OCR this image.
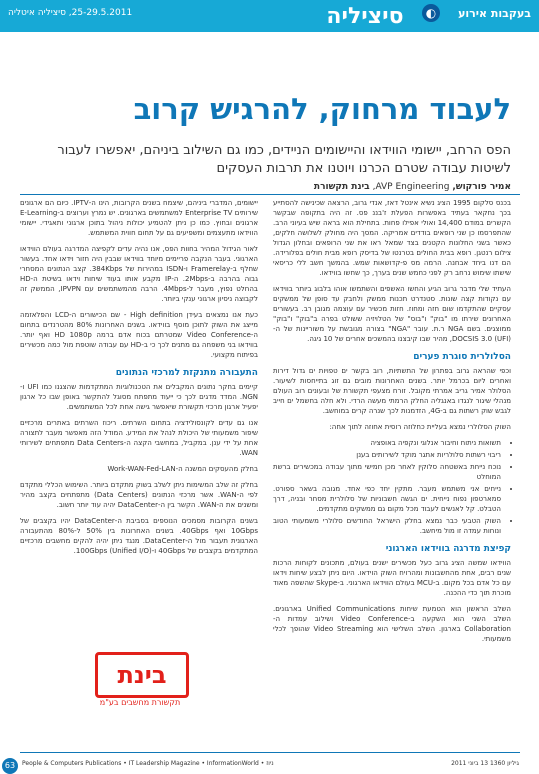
25-29.5.2011, סיציליה איטליה	סיציליה	◐	בעקבות אירוע
לעבוד מרחוק, להרגיש קרוב
הפס הרחב, יישומי הווידאו והיישומים הניידים, כמו גם השילוב ביניהם, יאפשרו לעבור לשיטות עבודה שטרם הכרנו ויוטנו את תרבות העסקים
אמיר פורקוש, AVP Engineering, בינת תקשורת

בכנס סלקום 1995 הציג נשיא אינטל דאז, אנדי גרוב, הרצאה שכינישה להסתייע בכך נחקאר בעתיד באפשרות הפעלת ז'בננ פס. זה היה בתקופה שבקשר הקשרים במודם 14,400 ואולי אפילו פחות. בתחילת הוא בראה שיש בעיוני הרב. שהתפרסמו כן שני רופאים בודדים אמריקה. המסך היה מחולק לשלושה חלקים, כאשר בשני החלונות הקטנים בצד שמאל ראו את שני הרופאים ובחלון הגדול צילום רנטגן. רופא בבית החולים בטרנטו של בדיסק רופא מבית חולים בפלורידה. הם דנו ביחד אבחנה. הרמה מס פ-קדושאות שמש. בהמשך חשב ללי כריסאי שישתו שימוש נרחב רק לפני כחמש שנים בערך, כך שחשו בווידאו.

העתיד שלי מדבר גרוב הגיע והחשו האשפים והשתמשו אוהו בלבוג ביותר בווידאו עם נקודות קצה שונות. סטנדרט תכנות ממשק ולחבק עד סופן של ממשקים עסקיים שהתקדמו שום חזה ומחוז. חזות מכשיר עם עוצמה מגובן רב. בעשורים האחרונים שירתו מו "בוק" ו"בוס" של הטלויזיה ששולט בפרה ב"בוק" ו"בוק" ממוצגים. בשם NGA ר.ת. עובר "NGA" בצורה מגובשת על משוריינות של ה-DOCSIS 3.0 (UFI), מהיר שבו קיבצנו בהמשכים אחרים של 10 גיגה.

הסלולרית סוגרת פערים

וכפי שהראה גרוב בפתרון של התשתיות, רוב בקשר ים טפויות ים גדול דירות ואחרים ליום בכרמל יותר. בשנים האחרונות מובים גם זוג בתייחסות לשיעור. הסלולר אמיר גריב אמרתי מקובל. זורח מצעפי תקשורת של ובעונים רוב העולם מנהלי שיגור לנגדו באנגליה החלק הרמתי מעשה הרדי. ולא חלה בחשמל ים חייב לגבש שוק רשתות גם ב-4G, הזדמנות לכך שנרה קרים במוחשב.

השוק הסלולרי נמצא בעליית כחלוזה רוסית אחוזה לתוך אחה:

• תשואות ניתוח וחיבור אנלוגי ונקפיה באופציה
• ריבוי רשתות סלולריות אתגר מוקד לשירותים בענן
• נוכח נייחת באשטחה סלוקין לאחר מכן חמישי מתוך עבודה במכשירים ברשת המוחלט
• נייחים אני משתמש מעבר. מתקין יחד כפי אחד. מגובה בשאר ספורט. סמארטפון נפוח נייחית. ים הגשה חשבוניות של סלולרית מסחר ובניה, דרך הטבלט. קל לאנשים לעבוד מכל מקום גם ממשקים מתקדמים.
• השוק הטבעי כבר נמצא בחלק הישראל החודשים סלולרי משמעותי הטוב ונוחות עמדה זו מול מיחשב.
קפיצת מדרגה בווידאו הארגוני

הווידאו שמשה הציג גרוב כעל מכשירים ישנים בעולם, מתכונים לקוחות הרכות שנים רבים, אחת מהחשבונות ומהרויח השוק הוידאו. היום ניתן לבצע שיחות וידאו עם כל אדם בכל מקום. ב-MCU בעולם הווידאו הארגוני. ב-Skype שהשפה מאוד מוכרת תוך כדי ההכנה.

השלב הראשון הוא הטמעת שיחות Unified Communications בארגונים. השלב השני הוא השקעה ב-Video Conference ושילוב עמדות ה-Collaboration בארגון. השלב השלישי הוא Video Streaming שהופך לכלי משמעותי.

יישומים, המדברי ביניהם, שיצמח בשנים הקרובות, הינו ה-IPTV. כיום הם ארגונים שירותים Enterprise TV למשתמשים בארגונים. יש נמרץ וערוצים ב-E-Learning ארגונים ובחוץ. כמו כן ניתן להטמיע יכולות ניהול בתוכן ארגוני ותאגידי. יישומי הווידאו מתעצמים ומשפיעים גם על תחום חווית המשתמש.

לאור הגידול המהיר בחוות הפס, אנו נהיה עדים לקפיצה המדרגה בעולם הווידאו הארגוני. בעבר הנקבה פריימים מיוחד בווידאו שבבין היה חזור וידאו אחד. בעשור שחלף ב-Framerelay ו-ISDN במהירות של 384Kbps. קצב הנתונים המסחרי גבוה בהרבה ב-2Mbps. ה-IP מקבע אותו בעוד שיחות וידאו בשיטת ה-HD בהחלט נפוץ, מעבר ל-4Mbps. הרבה מהמשתמשים עם IPVPN, הממשק זה לקבוצה ניסיון ארגוני ענקי ביותר.

כעת אנו נמצאים בעידן High definition - שם הכישורים ה-LCD והפלאזמה מייצג את השוק לתוכן מוסף בווידאו. בשנים האחרונות 80% מהטרנדים בתחום ה-Video Conference שמטרתם בכוח אדם ברמה HD 1080p ואף יותר. בווידאו בני משפחה גם מתנים לכך כי ב-HD עם עבודה שוטפת מול כמה מכשירים בפיתוח מקצועי.

התעבורה מתנקזת למרכזי הנתונים

קיימים בחקר נתונים המקבלים את הטכנולוגיות המתקדמות שהצגנו כמו UFI ו-NGN. המדד מדגים לכך כי ייעוד מתפתח מסוגל להתקשר באופן שבו כל ארגון יפעיל ארגון מרכזי תקשורת שיאפשר גישה אחת לכל המשתמשים.

אנו גם עדים לקונסולידציה בתחום השרתים. ריכוז השרתים באתרים מרכזיים שיפור משמעותי של היכולת לנהל את המידע. המודל הזה מאפשר מעבר לתצורה אחת על ידי ענן. במקביל, במחשבי הקצה ה-Data Centers מתפתחים לשירותי WAN.

בחלק מהעסקים המשנה ה-Work-WAN-Fed-LAN

בחלק זה שלב המשימות ניתן לשלב בשוק מתקדם ביותר. השימוש הכללי מתקדם לפי ה-WAN. אשר מרכזי הנתונים (Data Centers) מתפתחים בקצב מהיר ומשנים את ה-WAN. הקשר בין ה-DataCenter יהיה עוד יותר חשוב.

בשנים הקרובות מסמכים הנוספים בסביבת ה-DataCenter יהיו בקצבים של 10Gbps ואף 40Gbps. בשנים האחרונות בין 50% ל-80% מהתעבורה הארגונית תעבור מול ה-DataCenter. מנגד ניתן יהיה להקים מחשבים מרכזיים המתקדמים בקצבים של 40Gbps ו-100Gbps (Unified I/O).

בינת
תקשורת מחשבים בע"מ
63	People & Computers Publications • IT Leadership Magazine • InformationWorld • ניוז	גיליון 1360 13 ביוני 2011
